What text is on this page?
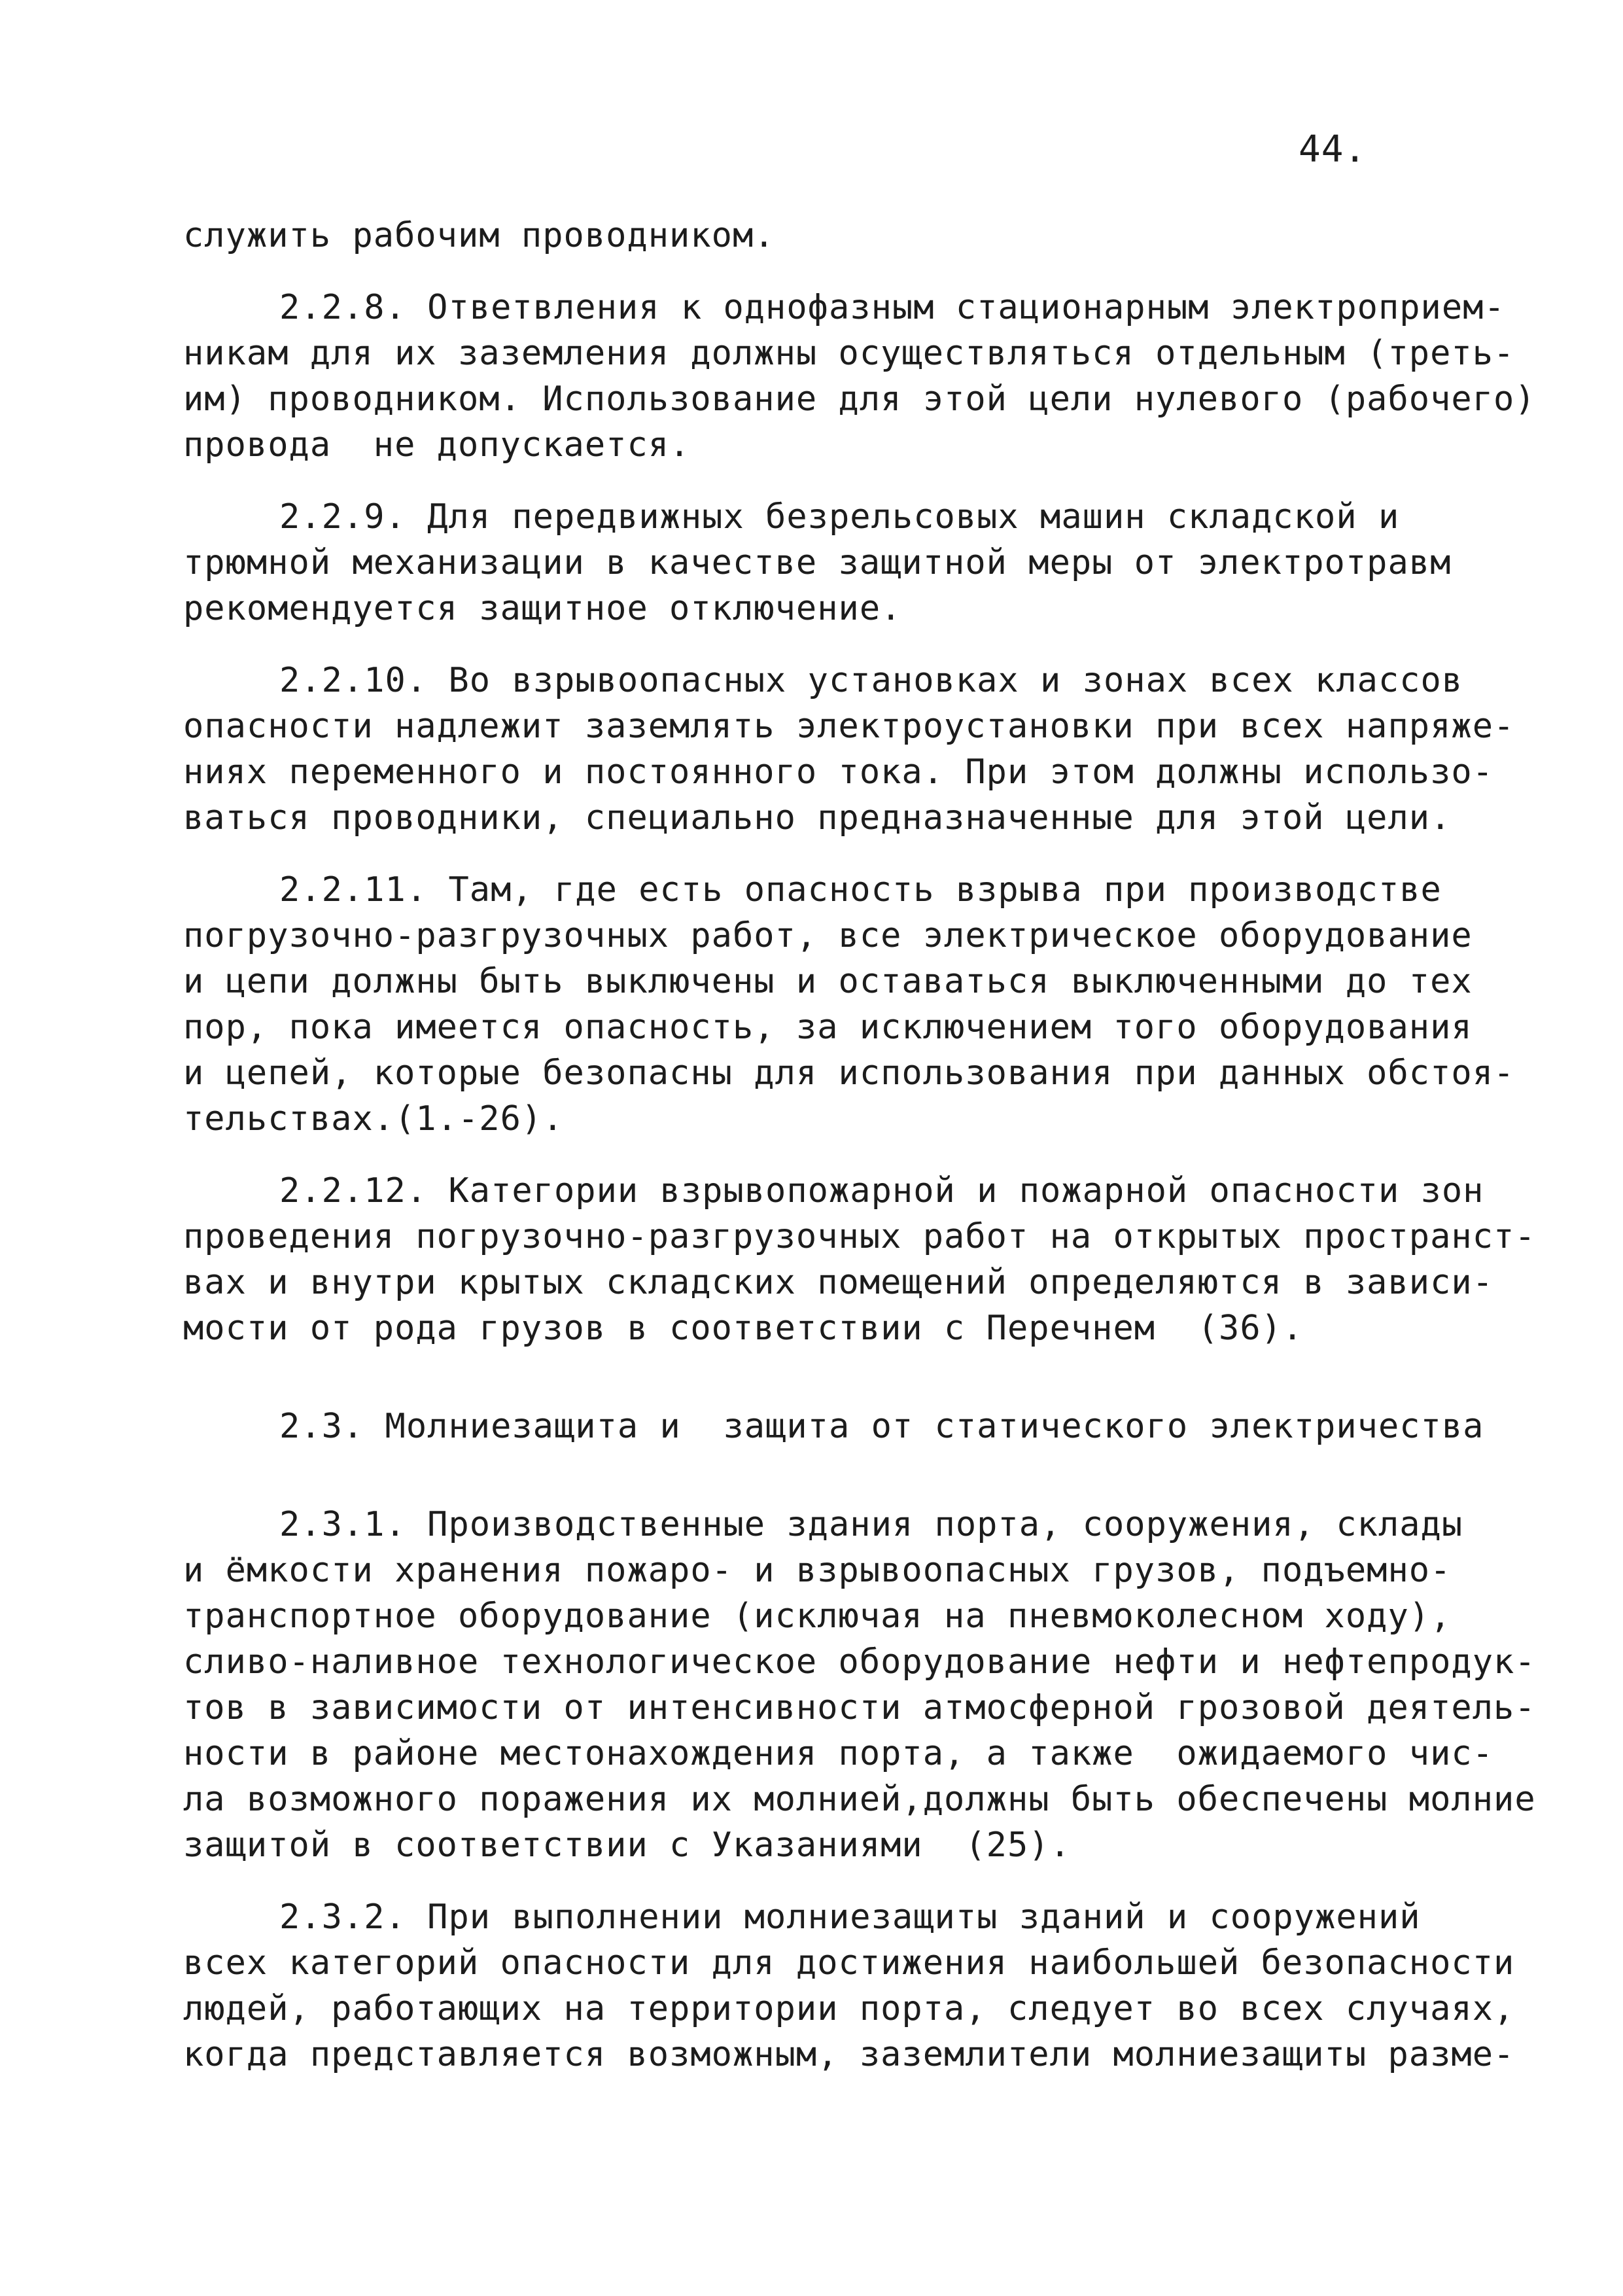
44.
служить рабочим проводником.
2.2.8. Ответвления к однофазным стационарным электроприем-
никам для их заземления должны осуществляться отдельным (треть-
им) проводником. Использование для этой цели нулевого (рабочего)
провода  не допускается.
2.2.9. Для передвижных безрельсовых машин складской и
трюмной механизации в качестве защитной меры от электротравм
рекомендуется защитное отключение.
2.2.10. Во взрывоопасных установках и зонах всех классов
опасности надлежит заземлять электроустановки при всех напряже-
ниях переменного и постоянного тока. При этом должны использо-
ваться проводники, специально предназначенные для этой цели.
2.2.11. Там, где есть опасность взрыва при производстве
погрузочно-разгрузочных работ, все электрическое оборудование
и цепи должны быть выключены и оставаться выключенными до тех
пор, пока имеется опасность, за исключением того оборудования
и цепей, которые безопасны для использования при данных обстоя-
тельствах.(1.-26).
2.2.12. Категории взрывопожарной и пожарной опасности зон
проведения погрузочно-разгрузочных работ на открытых пространст-
вах и внутри крытых складских помещений определяются в зависи-
мости от рода грузов в соответствии с Перечнем  (36).
2.3. Молниезащита и  защита от статического электричества
2.3.1. Производственные здания порта, сооружения, склады
и ёмкости хранения пожаро- и взрывоопасных грузов, подъемно-
транспортное оборудование (исключая на пневмоколесном ходу),
сливо-наливное технологическое оборудование нефти и нефтепродук-
тов в зависимости от интенсивности атмосферной грозовой деятель-
ности в районе местонахождения порта, а также  ожидаемого чис-
ла возможного поражения их молнией,должны быть обеспечены молние
защитой в соответствии с Указаниями  (25).
2.3.2. При выполнении молниезащиты зданий и сооружений
всех категорий опасности для достижения наибольшей безопасности
людей, работающих на территории порта, следует во всех случаях,
когда представляется возможным, заземлители молниезащиты разме-
